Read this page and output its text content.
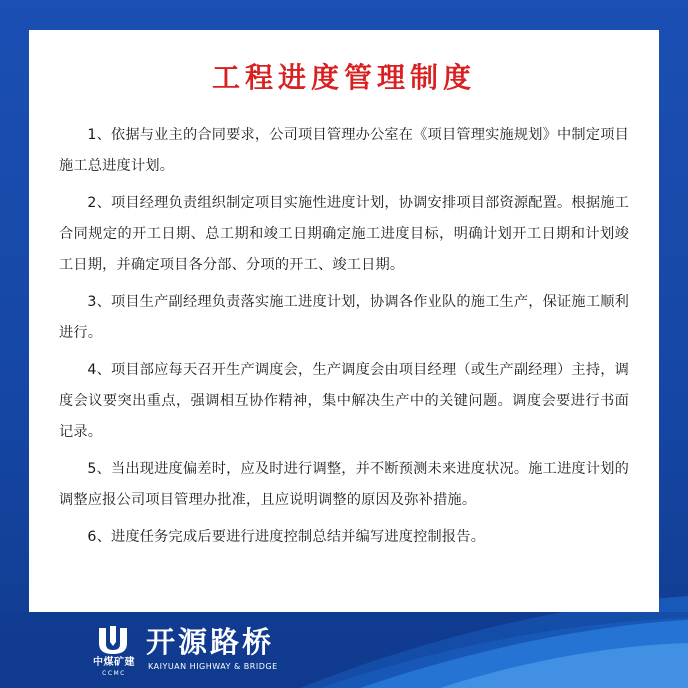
工程进度管理制度

1、依据与业主的合同要求，公司项目管理办公室在《项目管理实施规划》中制定项目施工总进度计划。

2、项目经理负责组织制定项目实施性进度计划，协调安排项目部资源配置。根据施工合同规定的开工日期、总工期和竣工日期确定施工进度目标，明确计划开工日期和计划竣工日期，并确定项目各分部、分项的开工、竣工日期。

3、项目生产副经理负责落实施工进度计划，协调各作业队的施工生产，保证施工顺利进行。

4、项目部应每天召开生产调度会，生产调度会由项目经理（或生产副经理）主持，调度会议要突出重点，强调相互协作精神，集中解决生产中的关键问题。调度会要进行书面记录。

5、当出现进度偏差时，应及时进行调整，并不断预测未来进度状况。施工进度计划的调整应报公司项目管理办批准，且应说明调整的原因及弥补措施。

6、进度任务完成后要进行进度控制总结并编写进度控制报告。

中煤矿建
CCMC
开源路桥
KAIYUAN HIGHWAY & BRIDGE
